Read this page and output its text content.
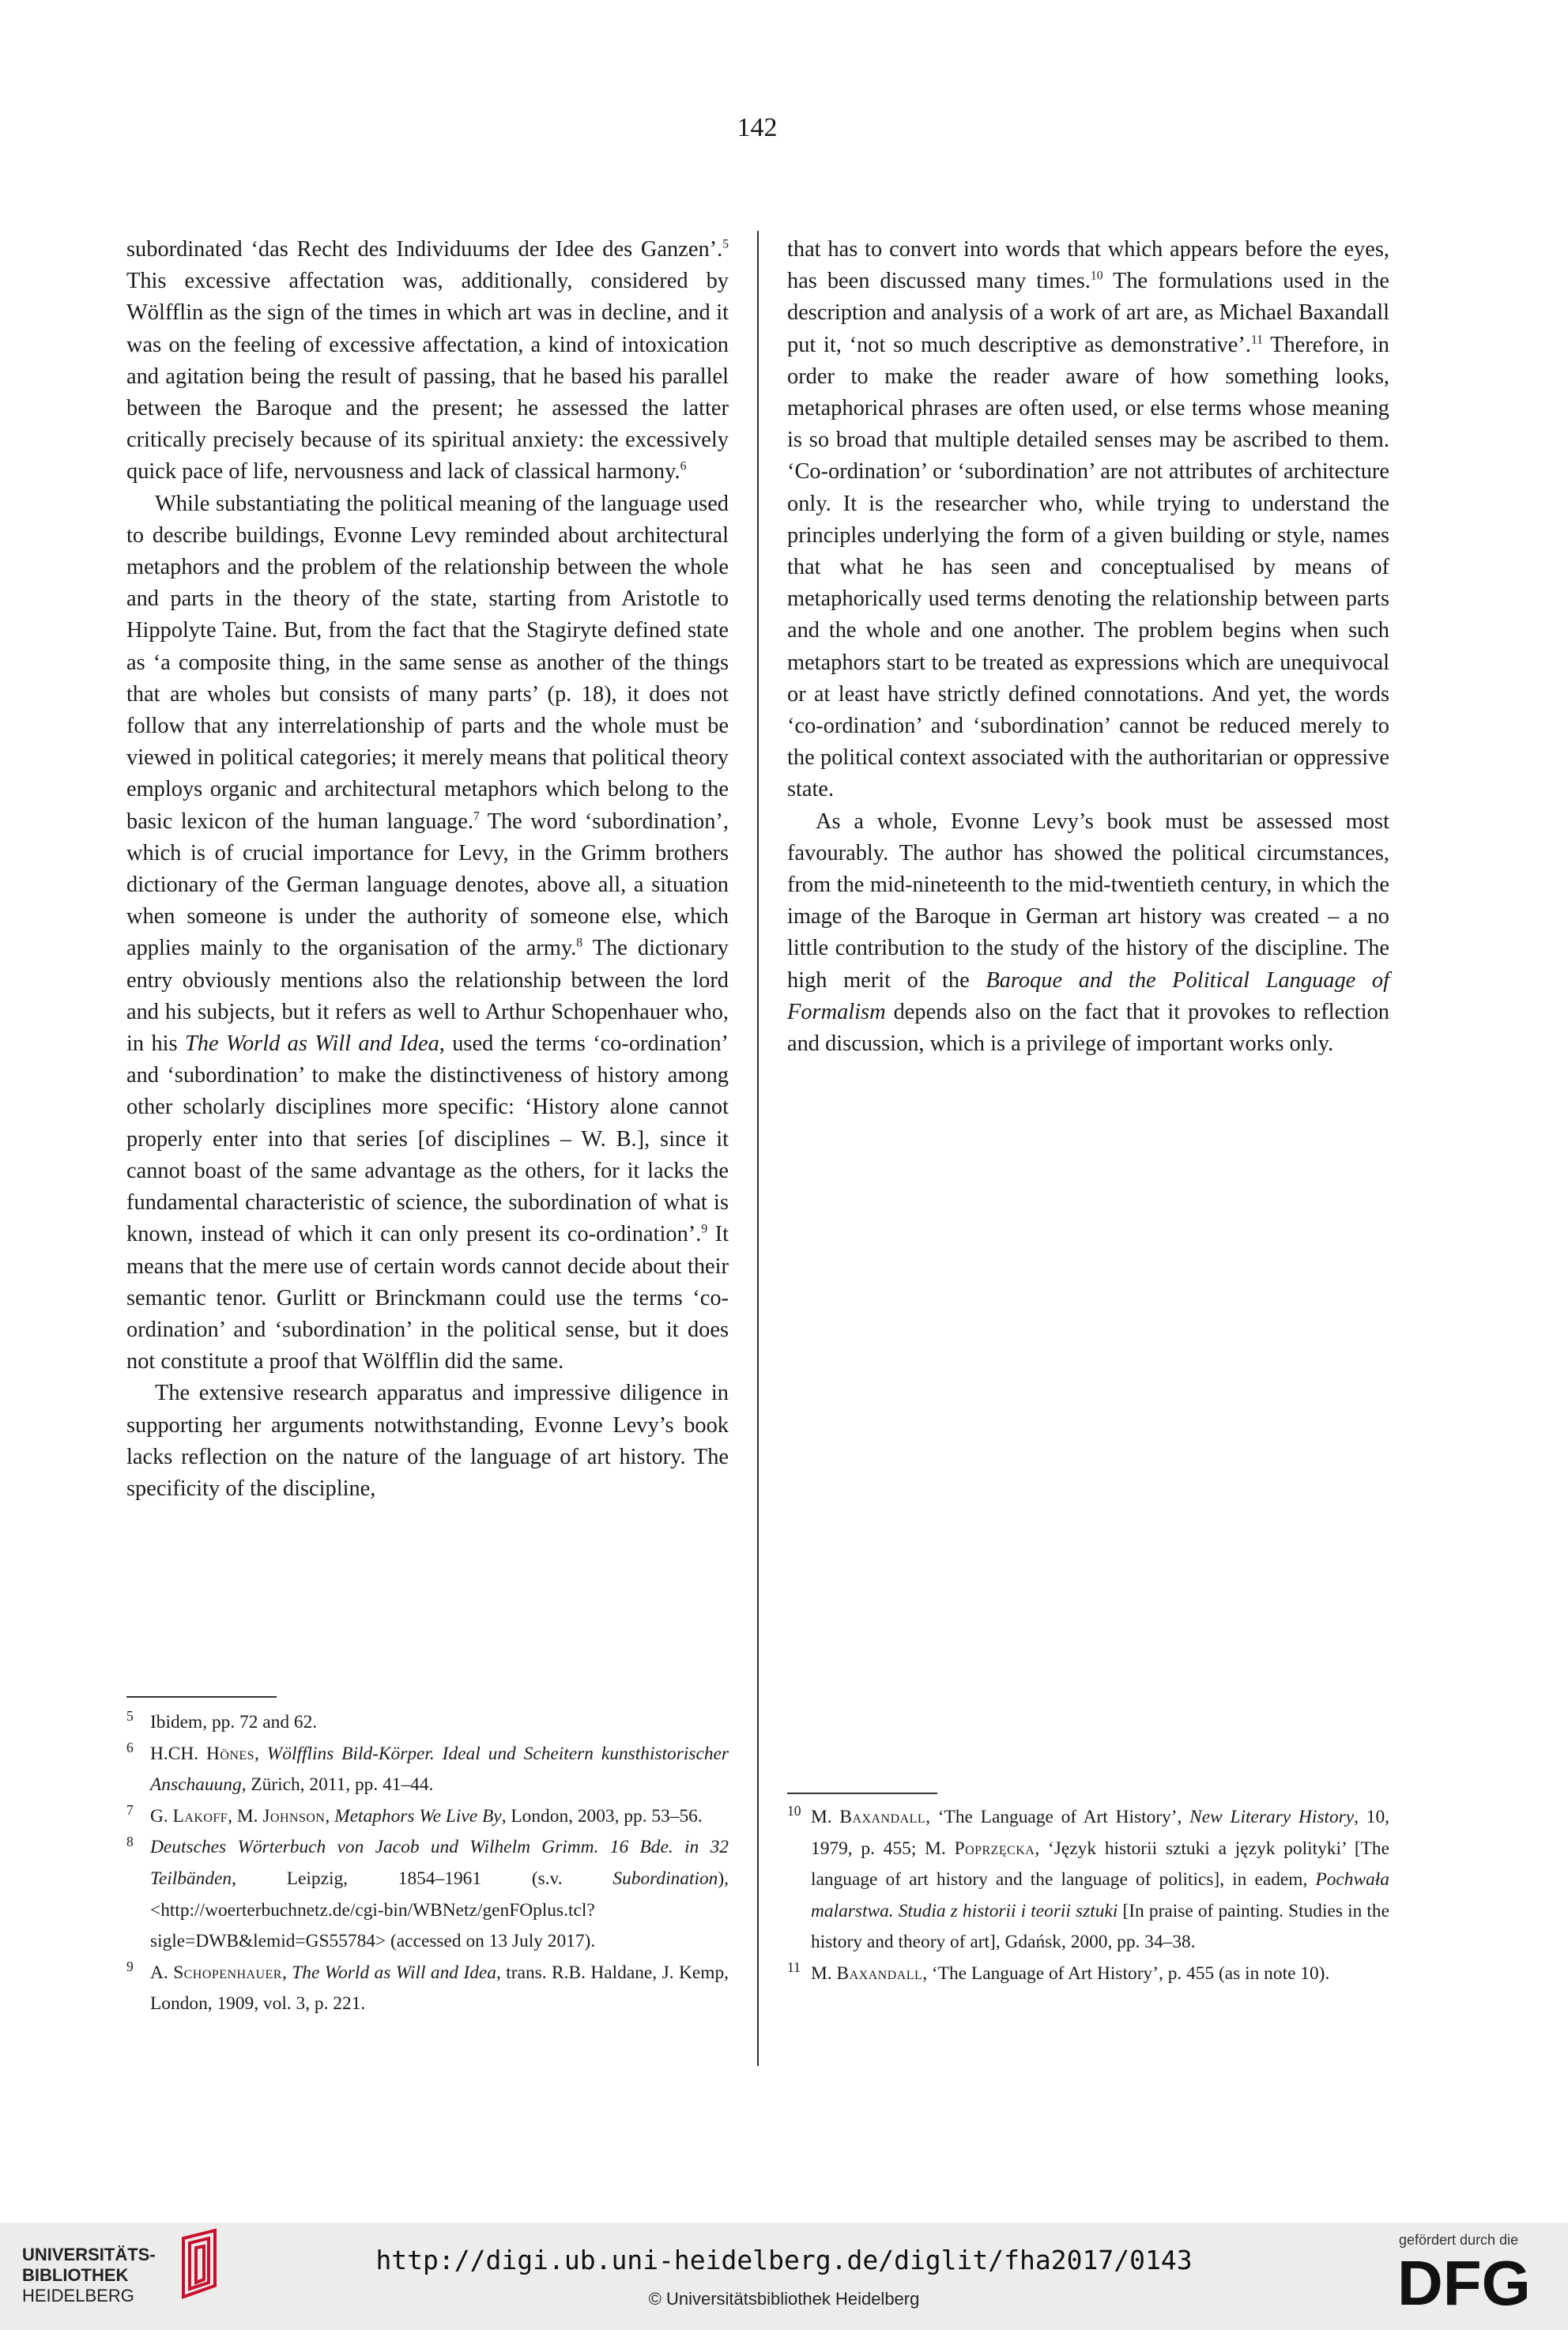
142

subordinated ‘das Recht des Individuums der Idee des Ganzen’.$^5$ This excessive affectation was, additionally, considered by Wölfflin as the sign of the times in which art was in decline, and it was on the feeling of excessive affectation, a kind of intoxication and agitation being the result of passing, that he based his parallel between the Baroque and the present; he assessed the latter critically precisely because of its spiritual anxiety: the excessively quick pace of life, nervousness and lack of classical harmony.$^6$

While substantiating the political meaning of the language used to describe buildings, Evonne Levy reminded about architectural metaphors and the problem of the relationship between the whole and parts in the theory of the state, starting from Aristotle to Hippolyte Taine. But, from the fact that the Stagiryte defined state as ‘a composite thing, in the same sense as another of the things that are wholes but consists of many parts’ (p. 18), it does not follow that any interrelationship of parts and the whole must be viewed in political categories; it merely means that political theory employs organic and architectural metaphors which belong to the basic lexicon of the human language.$^7$ The word ‘subordination’, which is of crucial importance for Levy, in the Grimm brothers dictionary of the German language denotes, above all, a situation when someone is under the authority of someone else, which applies mainly to the organisation of the army.$^8$ The dictionary entry obviously mentions also the relationship between the lord and his subjects, but it refers as well to Arthur Schopenhauer who, in his The World as Will and Idea, used the terms ‘co-ordination’ and ‘subordination’ to make the distinctiveness of history among other scholarly disciplines more specific: ‘History alone cannot properly enter into that series [of disciplines – W. B.], since it cannot boast of the same advantage as the others, for it lacks the fundamental characteristic of science, the subordination of what is known, instead of which it can only present its co-ordination’.$^9$ It means that the mere use of certain words cannot decide about their semantic tenor. Gurlitt or Brinckmann could use the terms ‘co-ordination’ and ‘subordination’ in the political sense, but it does not constitute a proof that Wölfflin did the same.

The extensive research apparatus and impressive diligence in supporting her arguments notwithstanding, Evonne Levy’s book lacks reflection on the nature of the language of art history. The specificity of the discipline,

that has to convert into words that which appears before the eyes, has been discussed many times.$^{10}$ The formulations used in the description and analysis of a work of art are, as Michael Baxandall put it, ‘not so much descriptive as demonstrative’.$^{11}$ Therefore, in order to make the reader aware of how something looks, metaphorical phrases are often used, or else terms whose meaning is so broad that multiple detailed senses may be ascribed to them. ‘Co-ordination’ or ‘subordination’ are not attributes of architecture only. It is the researcher who, while trying to understand the principles underlying the form of a given building or style, names that what he has seen and conceptualised by means of metaphorically used terms denoting the relationship between parts and the whole and one another. The problem begins when such metaphors start to be treated as expressions which are unequivocal or at least have strictly defined connotations. And yet, the words ‘co-ordination’ and ‘subordination’ cannot be reduced merely to the political context associated with the authoritarian or oppressive state.

As a whole, Evonne Levy’s book must be assessed most favourably. The author has showed the political circumstances, from the mid-nineteenth to the mid-twentieth century, in which the image of the Baroque in German art history was created – a no little contribution to the study of the history of the discipline. The high merit of the Baroque and the Political Language of Formalism depends also on the fact that it provokes to reflection and discussion, which is a privilege of important works only.

5 Ibidem, pp. 72 and 62.
6 H.CH. Hönes, Wölfflins Bild-Körper. Ideal und Scheitern kunsthistorischer Anschauung, Zürich, 2011, pp. 41–44.
7 G. Lakoff, M. Johnson, Metaphors We Live By, London, 2003, pp. 53–56.
8 Deutsches Wörterbuch von Jacob und Wilhelm Grimm. 16 Bde. in 32 Teilbänden, Leipzig, 1854–1961 (s.v. Subordination), <http://woerterbuchnetz.de/cgi-bin/WBNetz/genFOplus.tcl?sigle=DWB&lemid=GS55784> (accessed on 13 July 2017).
9 A. Schopenhauer, The World as Will and Idea, trans. R.B. Haldane, J. Kemp, London, 1909, vol. 3, p. 221.
10 M. Baxandall, ‘The Language of Art History’, New Literary History, 10, 1979, p. 455; M. Poprzęcka, ‘Język historii sztuki a język polityki’ [The language of art history and the language of politics], in eadem, Pochwała malarstwa. Studia z historii i teorii sztuki [In praise of painting. Studies in the history and theory of art], Gdańsk, 2000, pp. 34–38.
11 M. Baxandall, ‘The Language of Art History’, p. 455 (as in note 10).
UNIVERSITÄTS-
BIBLIOTHEK
HEIDELBERG
http://digi.ub.uni-heidelberg.de/diglit/fha2017/0143
© Universitätsbibliothek Heidelberg
gefördert durch die
DFG
